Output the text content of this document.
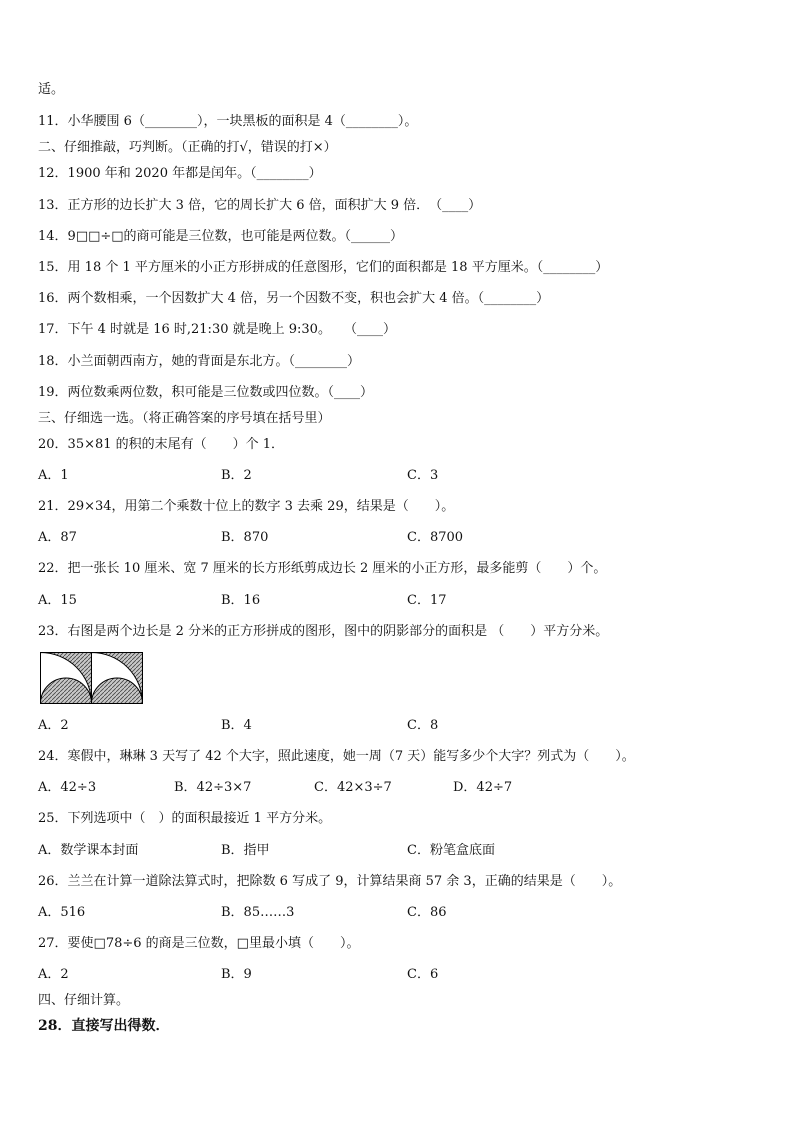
适。
11．小华腰围 6（________），一块黑板的面积是 4（________）。
二、仔细推敲，巧判断。（正确的打√，错误的打×）
12．1900 年和 2020 年都是闰年。（________）
13．正方形的边长扩大 3 倍，它的周长扩大 6 倍，面积扩大 9 倍．　（____）
14．9□□÷□的商可能是三位数，也可能是两位数。（______）
15．用 18 个 1 平方厘米的小正方形拼成的任意图形，它们的面积都是 18 平方厘米。（________）
16．两个数相乘，一个因数扩大 4 倍，另一个因数不变，积也会扩大 4 倍。（________）
17．下午 4 时就是 16 时,21:30 就是晚上 9:30。　　（____）
18．小兰面朝西南方，她的背面是东北方。（________）
19．两位数乘两位数，积可能是三位数或四位数。（____）
三、仔细选一选。（将正确答案的序号填在括号里）
20．35×81 的积的末尾有（　　）个 1．
A．1	B．2	C．3
21．29×34，用第二个乘数十位上的数字 3 去乘 29，结果是（　　）。
A．87	B．870	C．8700
22．把一张长 10 厘米、宽 7 厘米的长方形纸剪成边长 2 厘米的小正方形，最多能剪（　　）个。
A．15	B．16	C．17
23．右图是两个边长是 2 分米的正方形拼成的图形，图中的阴影部分的面积是 （　　）平方分米。
A．2	B．4	C．8
24．寒假中，琳琳 3 天写了 42 个大字，照此速度，她一周（7 天）能写多少个大字？列式为（　　）。
A．42÷3	B．42÷3×7	C．42×3÷7	D．42÷7
25．下列选项中（　）的面积最接近 1 平方分米。
A．数学课本封面	B．指甲	C．粉笔盒底面
26．兰兰在计算一道除法算式时，把除数 6 写成了 9，计算结果商 57 余 3，正确的结果是（　　）。
A．516	B．85……3	C．86
27．要使□78÷6 的商是三位数，□里最小填（　　）。
A．2	B．9	C．6
四、仔细计算。
28．直接写出得数．
